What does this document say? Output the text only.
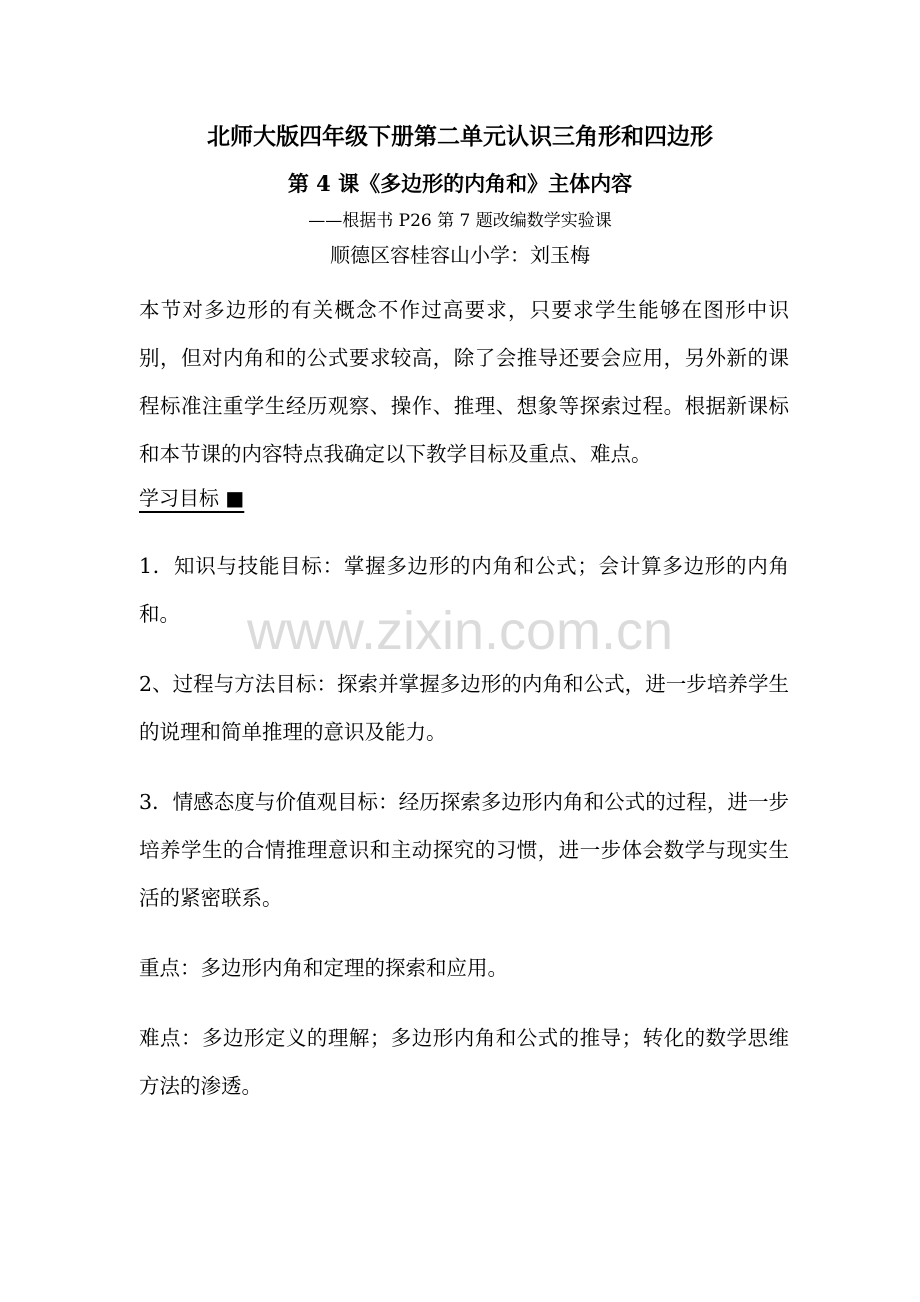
北师大版四年级下册第二单元认识三角形和四边形
第 4 课《多边形的内角和》主体内容
——根据书 P26 第 7 题改编数学实验课
顺德区容桂容山小学：刘玉梅
本节对多边形的有关概念不作过高要求，只要求学生能够在图形中识别，但对内角和的公式要求较高，除了会推导还要会应用，另外新的课程标准注重学生经历观察、操作、推理、想象等探索过程。根据新课标和本节课的内容特点我确定以下教学目标及重点、难点。
学习目标 ■
1．知识与技能目标：掌握多边形的内角和公式；会计算多边形的内角和。
2、过程与方法目标：探索并掌握多边形的内角和公式，进一步培养学生的说理和简单推理的意识及能力。
3．情感态度与价值观目标：经历探索多边形内角和公式的过程，进一步培养学生的合情推理意识和主动探究的习惯，进一步体会数学与现实生活的紧密联系。
重点：多边形内角和定理的探索和应用。
难点：多边形定义的理解；多边形内角和公式的推导；转化的数学思维方法的渗透。
www.zixin.com.cn
